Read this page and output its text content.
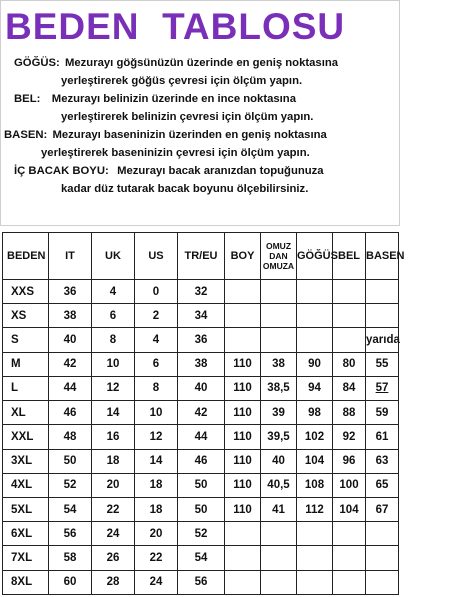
BEDEN  TABLOSU
GÖĞÜS: Mezurayı göğsünüzün üzerinde en geniş noktasına
yerleştirerek göğüs çevresi için ölçüm yapın.
BEL: Mezurayı belinizin üzerinde en ince noktasına
yerleştirerek belinizin çevresi için ölçüm yapın.
BASEN: Mezurayı baseninizin üzerinden en geniş noktasına
yerleştirerek baseninizin çevresi için ölçüm yapın.
İÇ BACAK BOYU: Mezurayı bacak aranızdan topuğunuza
kadar düz tutarak bacak boyunu ölçebilirsiniz.
BEDEN	IT	UK	US	TR/EU	BOY	OMUZ DAN OMUZA	GÖĞÜS	BEL	BASEN
XXS	36	4	0	32					
XS	38	6	2	34					
S	40	8	4	36					yarıda
M	42	10	6	38	110	38	90	80	55
L	44	12	8	40	110	38,5	94	84	57
XL	46	14	10	42	110	39	98	88	59
XXL	48	16	12	44	110	39,5	102	92	61
3XL	50	18	14	46	110	40	104	96	63
4XL	52	20	18	50	110	40,5	108	100	65
5XL	54	22	18	50	110	41	112	104	67
6XL	56	24	20	52					
7XL	58	26	22	54					
8XL	60	28	24	56					
